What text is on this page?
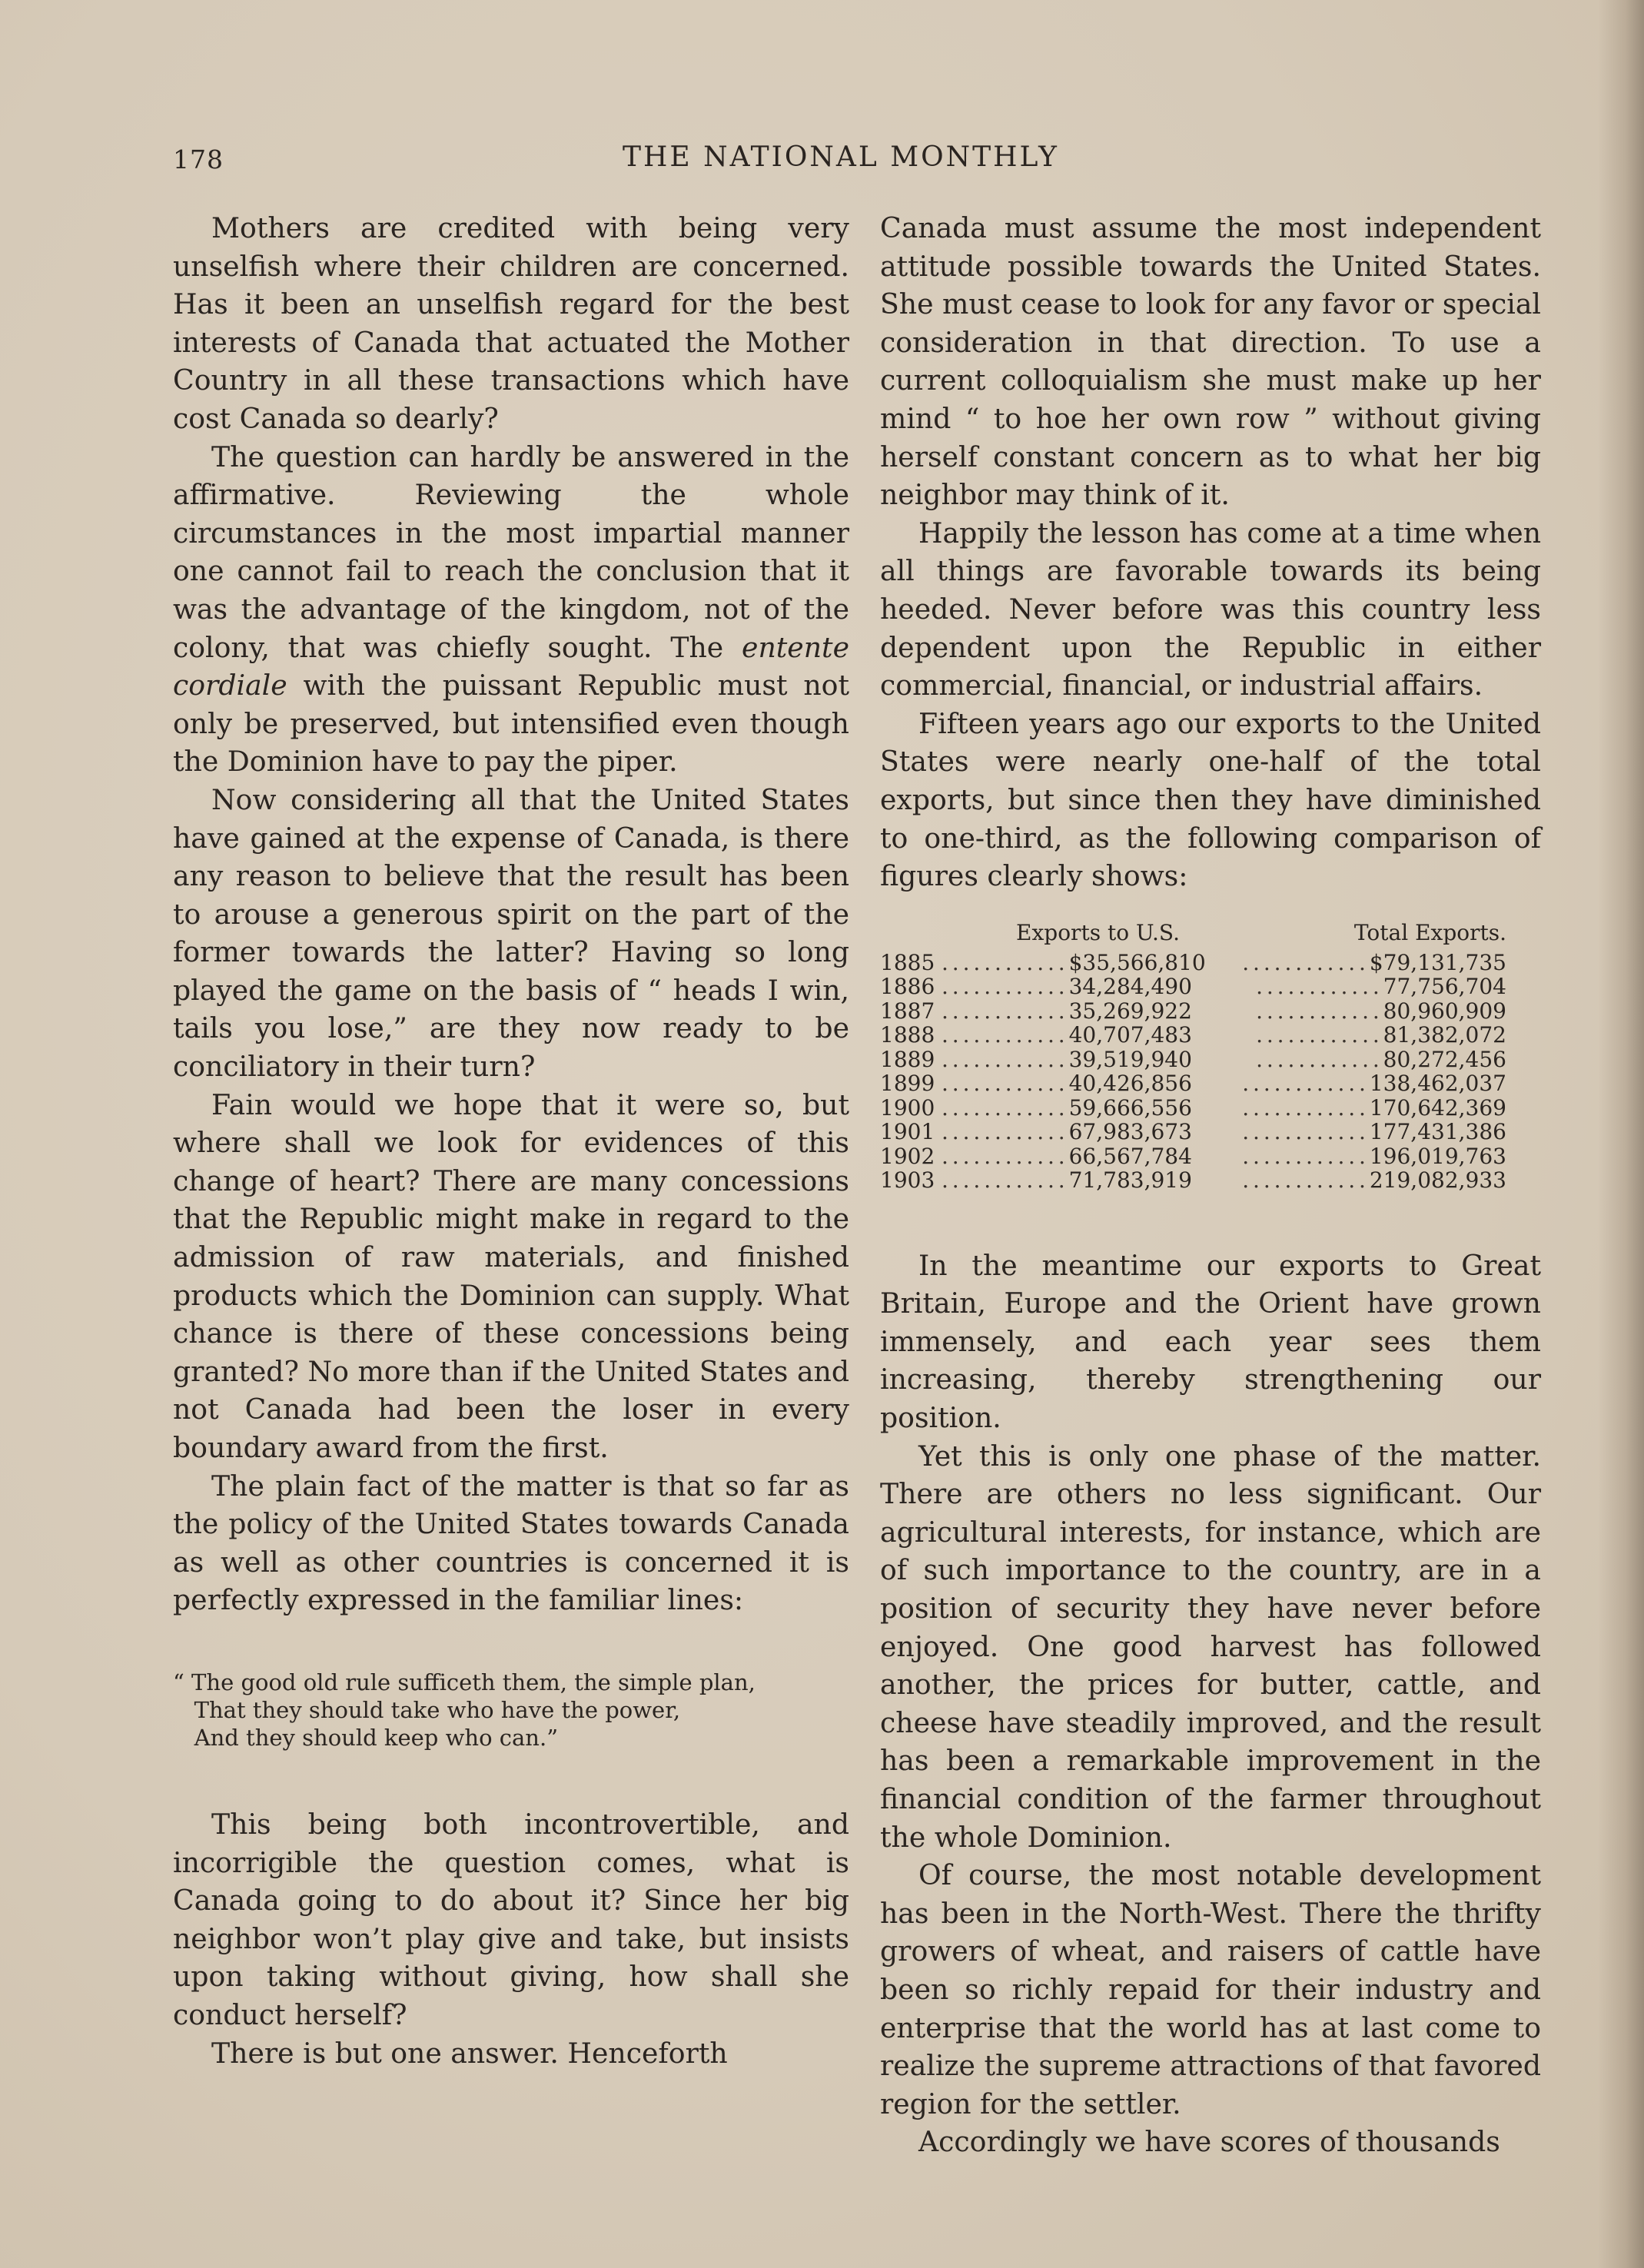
178	THE NATIONAL MONTHLY

Mothers are credited with being very unselfish where their children are concerned. Has it been an unselfish regard for the best interests of Canada that actuated the Mother Country in all these transactions which have cost Canada so dearly?

The question can hardly be answered in the affirmative. Reviewing the whole circumstances in the most impartial manner one cannot fail to reach the conclusion that it was the advantage of the kingdom, not of the colony, that was chiefly sought. The entente cordiale with the puissant Republic must not only be preserved, but intensified even though the Dominion have to pay the piper.

Now considering all that the United States have gained at the expense of Canada, is there any reason to believe that the result has been to arouse a generous spirit on the part of the former towards the latter? Having so long played the game on the basis of “ heads I win, tails you lose,” are they now ready to be conciliatory in their turn?

Fain would we hope that it were so, but where shall we look for evidences of this change of heart? There are many concessions that the Republic might make in regard to the admission of raw materials, and finished products which the Dominion can supply. What chance is there of these concessions being granted? No more than if the United States and not Canada had been the loser in every boundary award from the first.

The plain fact of the matter is that so far as the policy of the United States towards Canada as well as other countries is concerned it is perfectly expressed in the familiar lines:

“ The good old rule sufficeth them, the simple plan,
That they should take who have the power,
And they should keep who can.”

This being both incontrovertible, and incorrigible the question comes, what is Canada going to do about it? Since her big neighbor won’t play give and take, but insists upon taking without giving, how shall she conduct herself?

There is but one answer. Henceforth

Canada must assume the most independent attitude possible towards the United States. She must cease to look for any favor or special consideration in that direction. To use a current colloquialism she must make up her mind “ to hoe her own row ” without giving herself constant concern as to what her big neighbor may think of it.

Happily the lesson has come at a time when all things are favorable towards its being heeded. Never before was this country less dependent upon the Republic in either commercial, financial, or industrial affairs.

Fifteen years ago our exports to the United States were nearly one-half of the total exports, but since then they have diminished to one-third, as the following comparison of figures clearly shows:

Exports to U.S.	Total Exports.
1885 . . . . . . . . . . . . $35,566,810	. . . . . . . . . . . . $79,131,735
1886 . . . . . . . . . . . . 34,284,490	. . . . . . . . . . . . 77,756,704
1887 . . . . . . . . . . . . 35,269,922	. . . . . . . . . . . . 80,960,909
1888 . . . . . . . . . . . . 40,707,483	. . . . . . . . . . . . 81,382,072
1889 . . . . . . . . . . . . 39,519,940	. . . . . . . . . . . . 80,272,456
1899 . . . . . . . . . . . . 40,426,856	. . . . . . . . . . . . 138,462,037
1900 . . . . . . . . . . . . 59,666,556	. . . . . . . . . . . . 170,642,369
1901 . . . . . . . . . . . . 67,983,673	. . . . . . . . . . . . 177,431,386
1902 . . . . . . . . . . . . 66,567,784	. . . . . . . . . . . . 196,019,763
1903 . . . . . . . . . . . . 71,783,919	. . . . . . . . . . . . 219,082,933

In the meantime our exports to Great Britain, Europe and the Orient have grown immensely, and each year sees them increasing, thereby strengthening our position.

Yet this is only one phase of the matter. There are others no less significant. Our agricultural interests, for instance, which are of such importance to the country, are in a position of security they have never before enjoyed. One good harvest has followed another, the prices for butter, cattle, and cheese have steadily improved, and the result has been a remarkable improvement in the financial condition of the farmer throughout the whole Dominion.

Of course, the most notable development has been in the North-West. There the thrifty growers of wheat, and raisers of cattle have been so richly repaid for their industry and enterprise that the world has at last come to realize the supreme attractions of that favored region for the settler.

Accordingly we have scores of thousands
